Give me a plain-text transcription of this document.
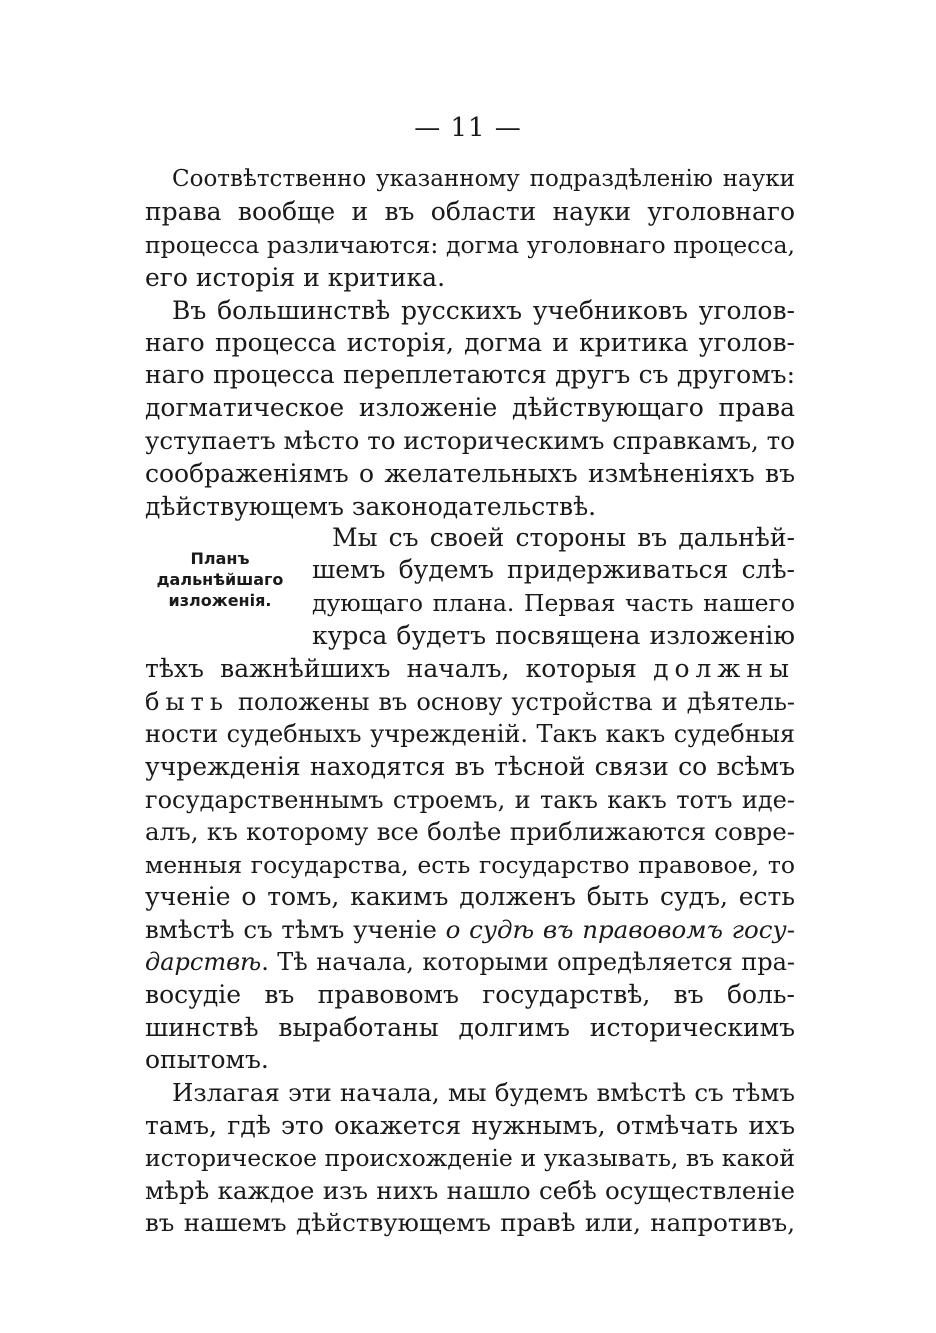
— 11 —
Соотвѣтственно указанному подраздѣленію науки
права вообще и въ области науки уголовнаго
процесса различаются: догма уголовнаго процесса,
его исторія и критика.
Въ большинствѣ русскихъ учебниковъ уголов-
наго процесса исторія, догма и критика уголов-
наго процесса переплетаются другъ съ другомъ:
догматическое изложеніе дѣйствующаго права
уступаетъ мѣсто то историческимъ справкамъ, то
соображеніямъ о желательныхъ измѣненіяхъ въ
дѣйствующемъ законодательствѣ.
Планъ
дальнѣйшаго
изложенія.
Мы съ своей стороны въ дальнѣй-
шемъ будемъ придерживаться слѣ-
дующаго плана. Первая часть нашего
курса будетъ посвящена изложенію
тѣхъ важнѣйшихъ началъ, которыя должны
быть положены въ основу устройства и дѣятель-
ности судебныхъ учрежденій. Такъ какъ судебныя
учрежденія находятся въ тѣсной связи со всѣмъ
государственнымъ строемъ, и такъ какъ тотъ иде-
алъ, къ которому все болѣе приближаются совре-
менныя государства, есть государство правовое, то
ученіе о томъ, какимъ долженъ быть судъ, есть
вмѣстѣ съ тѣмъ ученіе о судѣ въ правовомъ госу-
дарствѣ. Тѣ начала, которыми опредѣляется пра-
восудіе въ правовомъ государствѣ, въ боль-
шинствѣ выработаны долгимъ историческимъ
опытомъ.
Излагая эти начала, мы будемъ вмѣстѣ съ тѣмъ
тамъ, гдѣ это окажется нужнымъ, отмѣчать ихъ
историческое происхожденіе и указывать, въ какой
мѣрѣ каждое изъ нихъ нашло себѣ осуществленіе
въ нашемъ дѣйствующемъ правѣ или, напротивъ,
